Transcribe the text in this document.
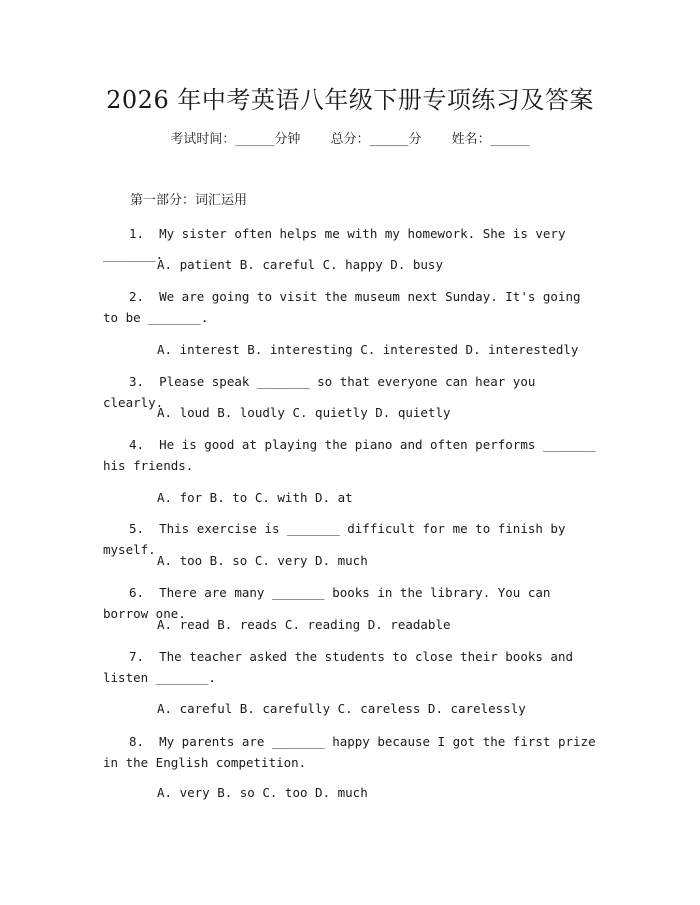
2026 年中考英语八年级下册专项练习及答案
考试时间：______分钟　　 总分：______分　　 姓名：______
第一部分：词汇运用
1.  My sister often helps me with my homework. She is very _______.
A. patient B. careful C. happy D. busy
2.  We are going to visit the museum next Sunday. It's going to be _______.
A. interest B. interesting C. interested D. interestedly
3.  Please speak _______ so that everyone can hear you clearly.
A. loud B. loudly C. quietly D. quietly
4.  He is good at playing the piano and often performs _______ his friends.
A. for B. to C. with D. at
5.  This exercise is _______ difficult for me to finish by myself.
A. too B. so C. very D. much
6.  There are many _______ books in the library. You can borrow one.
A. read B. reads C. reading D. readable
7.  The teacher asked the students to close their books and listen _______.
A. careful B. carefully C. careless D. carelessly
8.  My parents are _______ happy because I got the first prize in the English competition.
A. very B. so C. too D. much
